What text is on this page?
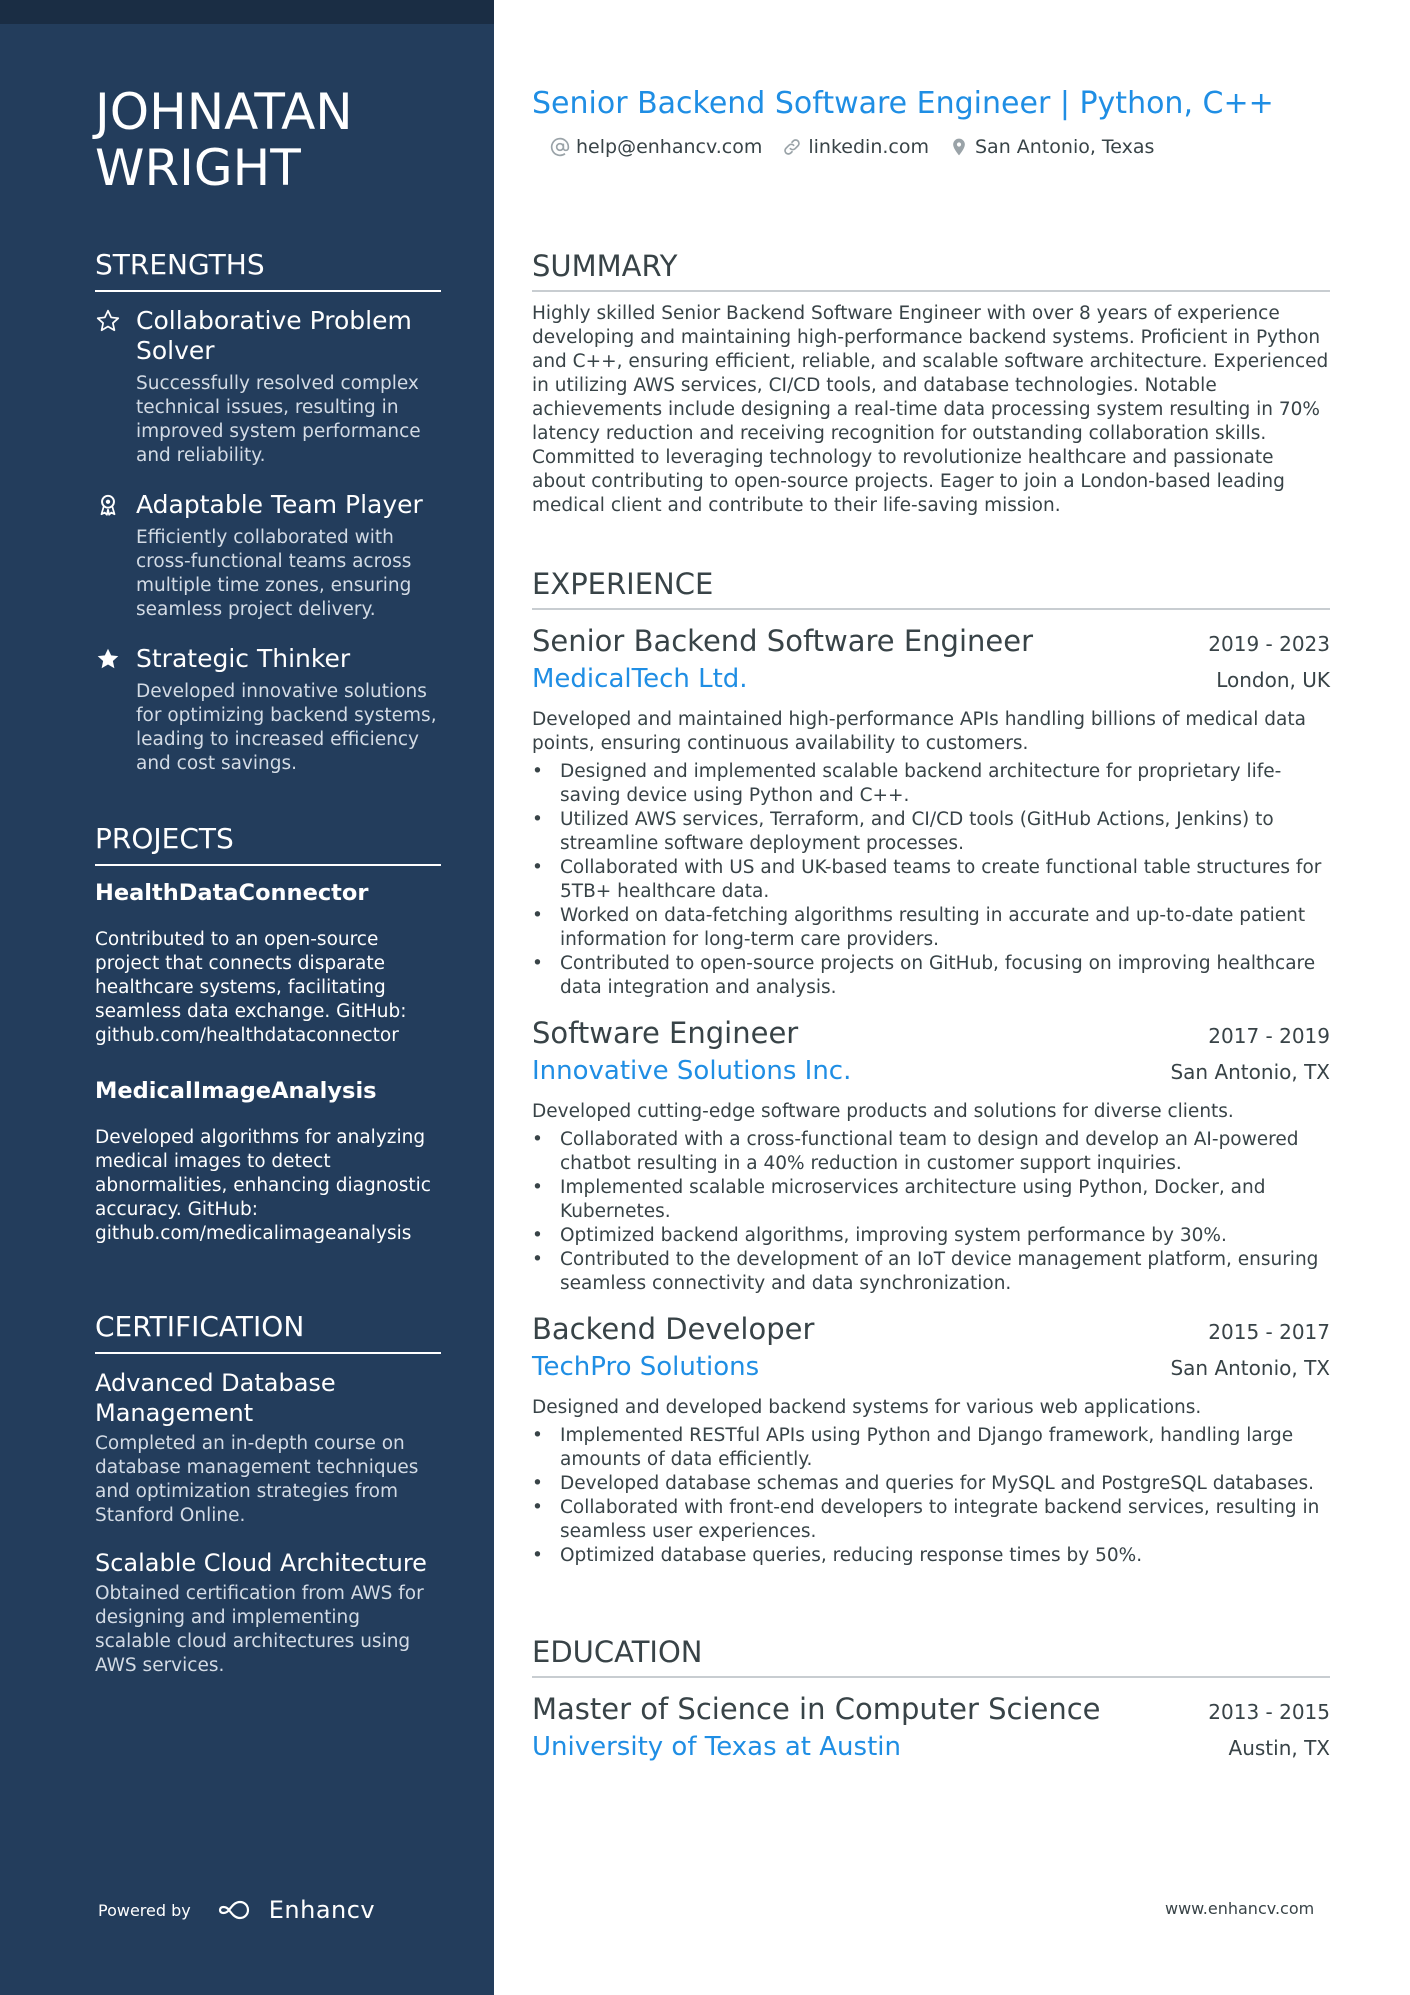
JOHNATAN WRIGHT
STRENGTHS
Collaborative Problem Solver
Successfully resolved complex technical issues, resulting in improved system performance and reliability.
Adaptable Team Player
Efficiently collaborated with cross-functional teams across multiple time zones, ensuring seamless project delivery.
Strategic Thinker
Developed innovative solutions for optimizing backend systems, leading to increased efficiency and cost savings.
PROJECTS
HealthDataConnector
Contributed to an open-source project that connects disparate healthcare systems, facilitating seamless data exchange. GitHub: github.com/healthdataconnector
MedicalImageAnalysis
Developed algorithms for analyzing medical images to detect abnormalities, enhancing diagnostic accuracy. GitHub: github.com/medicalimageanalysis
CERTIFICATION
Advanced Database Management
Completed an in-depth course on database management techniques and optimization strategies from Stanford Online.
Scalable Cloud Architecture
Obtained certification from AWS for designing and implementing scalable cloud architectures using AWS services.
Powered by	Enhancv
Senior Backend Software Engineer | Python, C++
help@enhancv.com linkedin.com San Antonio, Texas
SUMMARY
Highly skilled Senior Backend Software Engineer with over 8 years of experience developing and maintaining high-performance backend systems. Proficient in Python and C++, ensuring efficient, reliable, and scalable software architecture. Experienced in utilizing AWS services, CI/CD tools, and database technologies. Notable achievements include designing a real-time data processing system resulting in 70% latency reduction and receiving recognition for outstanding collaboration skills. Committed to leveraging technology to revolutionize healthcare and passionate about contributing to open-source projects. Eager to join a London-based leading medical client and contribute to their life-saving mission.
EXPERIENCE
Senior Backend Software Engineer	2019 - 2023
MedicalTech Ltd.	London, UK
Developed and maintained high-performance APIs handling billions of medical data points, ensuring continuous availability to customers.
• Designed and implemented scalable backend architecture for proprietary life-saving device using Python and C++.
• Utilized AWS services, Terraform, and CI/CD tools (GitHub Actions, Jenkins) to streamline software deployment processes.
• Collaborated with US and UK-based teams to create functional table structures for 5TB+ healthcare data.
• Worked on data-fetching algorithms resulting in accurate and up-to-date patient information for long-term care providers.
• Contributed to open-source projects on GitHub, focusing on improving healthcare data integration and analysis.
Software Engineer	2017 - 2019
Innovative Solutions Inc.	San Antonio, TX
Developed cutting-edge software products and solutions for diverse clients.
• Collaborated with a cross-functional team to design and develop an AI-powered chatbot resulting in a 40% reduction in customer support inquiries.
• Implemented scalable microservices architecture using Python, Docker, and Kubernetes.
• Optimized backend algorithms, improving system performance by 30%.
• Contributed to the development of an IoT device management platform, ensuring seamless connectivity and data synchronization.
Backend Developer	2015 - 2017
TechPro Solutions	San Antonio, TX
Designed and developed backend systems for various web applications.
• Implemented RESTful APIs using Python and Django framework, handling large amounts of data efficiently.
• Developed database schemas and queries for MySQL and PostgreSQL databases.
• Collaborated with front-end developers to integrate backend services, resulting in seamless user experiences.
• Optimized database queries, reducing response times by 50%.
EDUCATION
Master of Science in Computer Science	2013 - 2015
University of Texas at Austin	Austin, TX
www.enhancv.com
